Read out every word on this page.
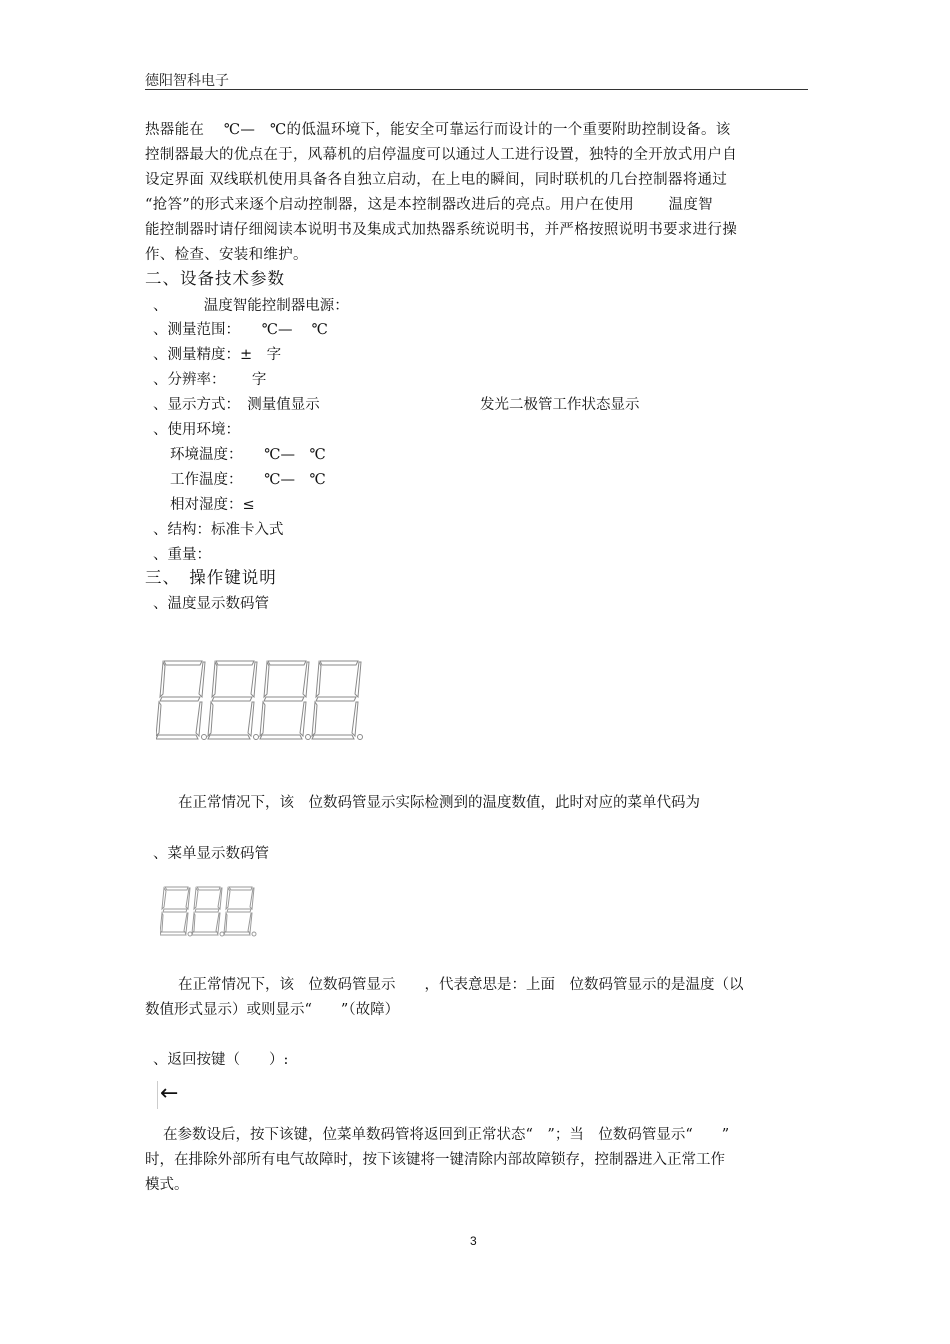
德阳智科电子
热器能在　 ℃—　℃的低温环境下，能安全可靠运行而设计的一个重要附助控制设备。该
控制器最大的优点在于，风幕机的启停温度可以通过人工进行设置，独特的全开放式用户自
设定界面 双线联机使用具备各自独立启动，在上电的瞬间，同时联机的几台控制器将通过
“抢答”的形式来逐个启动控制器，这是本控制器改进后的亮点。用户在使用　　 温度智
能控制器时请仔细阅读本说明书及集成式加热器系统说明书，并严格按照说明书要求进行操
作、检查、安装和维护。
二、设备技术参数
、　　　温度智能控制器电源：
、测量范围：　　℃—　 ℃
、测量精度：±　字
、分辨率：　　 字
、显示方式：　测量值显示	发光二极管工作状态显示
、使用环境：
环境温度：　　℃—　℃
工作温度：　　℃—　℃
相对湿度：≤
、结构：标准卡入式
、重量：
三、　操作键说明
、温度显示数码管
在正常情况下，该　位数码管显示实际检测到的温度数值，此时对应的菜单代码为
、菜单显示数码管
在正常情况下，该　位数码管显示　　，代表意思是：上面　位数码管显示的是温度（以
数值形式显示）或则显示“　　”（故障）
、返回按键（　　）:
←
在参数设后，按下该键，位菜单数码管将返回到正常状态“　”；当　位数码管显示“　　”
时，在排除外部所有电气故障时，按下该键将一键清除内部故障锁存，控制器进入正常工作
模式。
3
